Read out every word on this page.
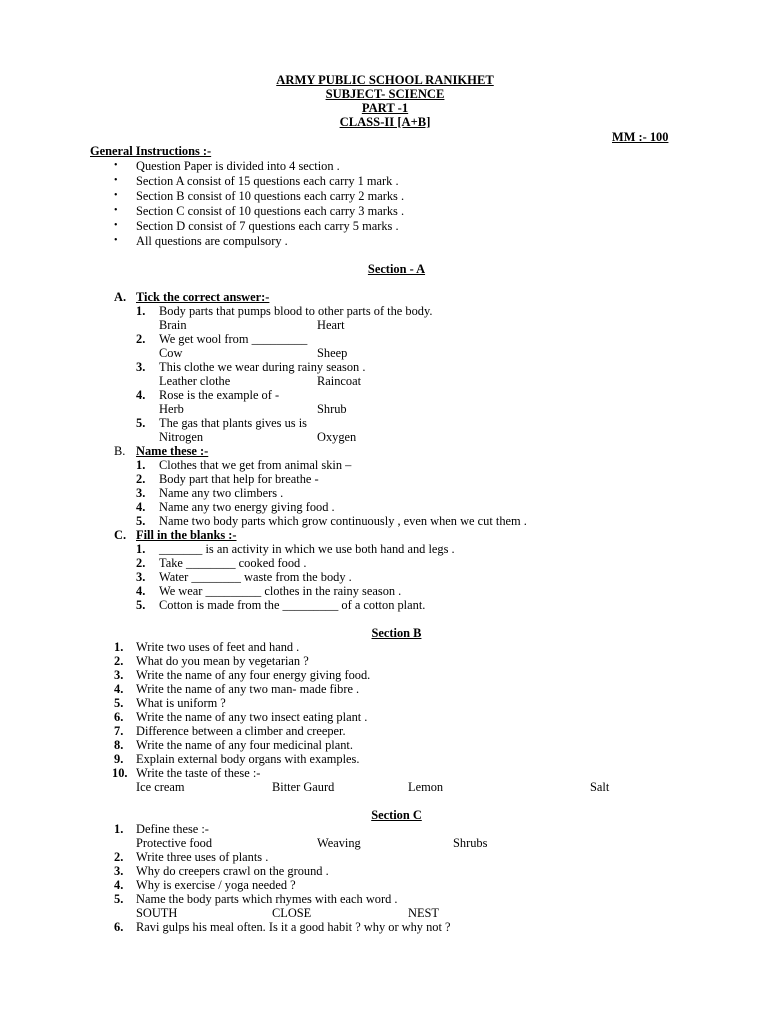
ARMY PUBLIC SCHOOL RANIKHET
SUBJECT- SCIENCE
PART -1
CLASS-II [A+B]
MM :- 100
General Instructions :-
• Question Paper is divided into 4 section .
• Section A consist of 15 questions each carry 1 mark .
• Section B consist of 10 questions each carry 2 marks .
• Section C consist of 10 questions each carry 3 marks .
• Section D consist of 7 questions each carry 5 marks .
• All questions are compulsory .
Section - A
A. Tick the correct answer:-
1. Body parts that pumps blood to other parts of the body.
Brain	Heart
2. We get wool from _________
Cow	Sheep
3. This clothe we wear during rainy season .
Leather clothe	Raincoat
4. Rose is the example of -
Herb	Shrub
5. The gas that plants gives us is
Nitrogen	Oxygen
B. Name these :-
1. Clothes that we get from animal skin –
2. Body part that help for breathe -
3. Name any two climbers .
4. Name any two energy giving food .
5. Name two body parts which grow continuously , even when we cut them .
C. Fill in the blanks :-
1. _______ is an activity in which we use both hand and legs .
2. Take ________ cooked food .
3. Water ________ waste from the body .
4. We wear _________ clothes in the rainy season .
5. Cotton is made from the _________ of a cotton plant.
Section B
1. Write two uses of feet and hand .
2. What do you mean by vegetarian ?
3. Write the name of any four energy giving food.
4. Write the name of any two man- made fibre .
5. What is uniform ?
6. Write the name of any two insect eating plant .
7. Difference between a climber and creeper.
8. Write the name of any four medicinal plant.
9. Explain external body organs with examples.
10. Write the taste of these :-
Ice cream	Bitter Gaurd	Lemon	Salt
Section C
1. Define these :-
Protective food	Weaving	Shrubs
2. Write three uses of plants .
3. Why do creepers crawl on the ground .
4. Why is exercise / yoga needed ?
5. Name the body parts which rhymes with each word .
SOUTH	CLOSE	NEST
6. Ravi gulps his meal often. Is it a good habit ? why or why not ?
